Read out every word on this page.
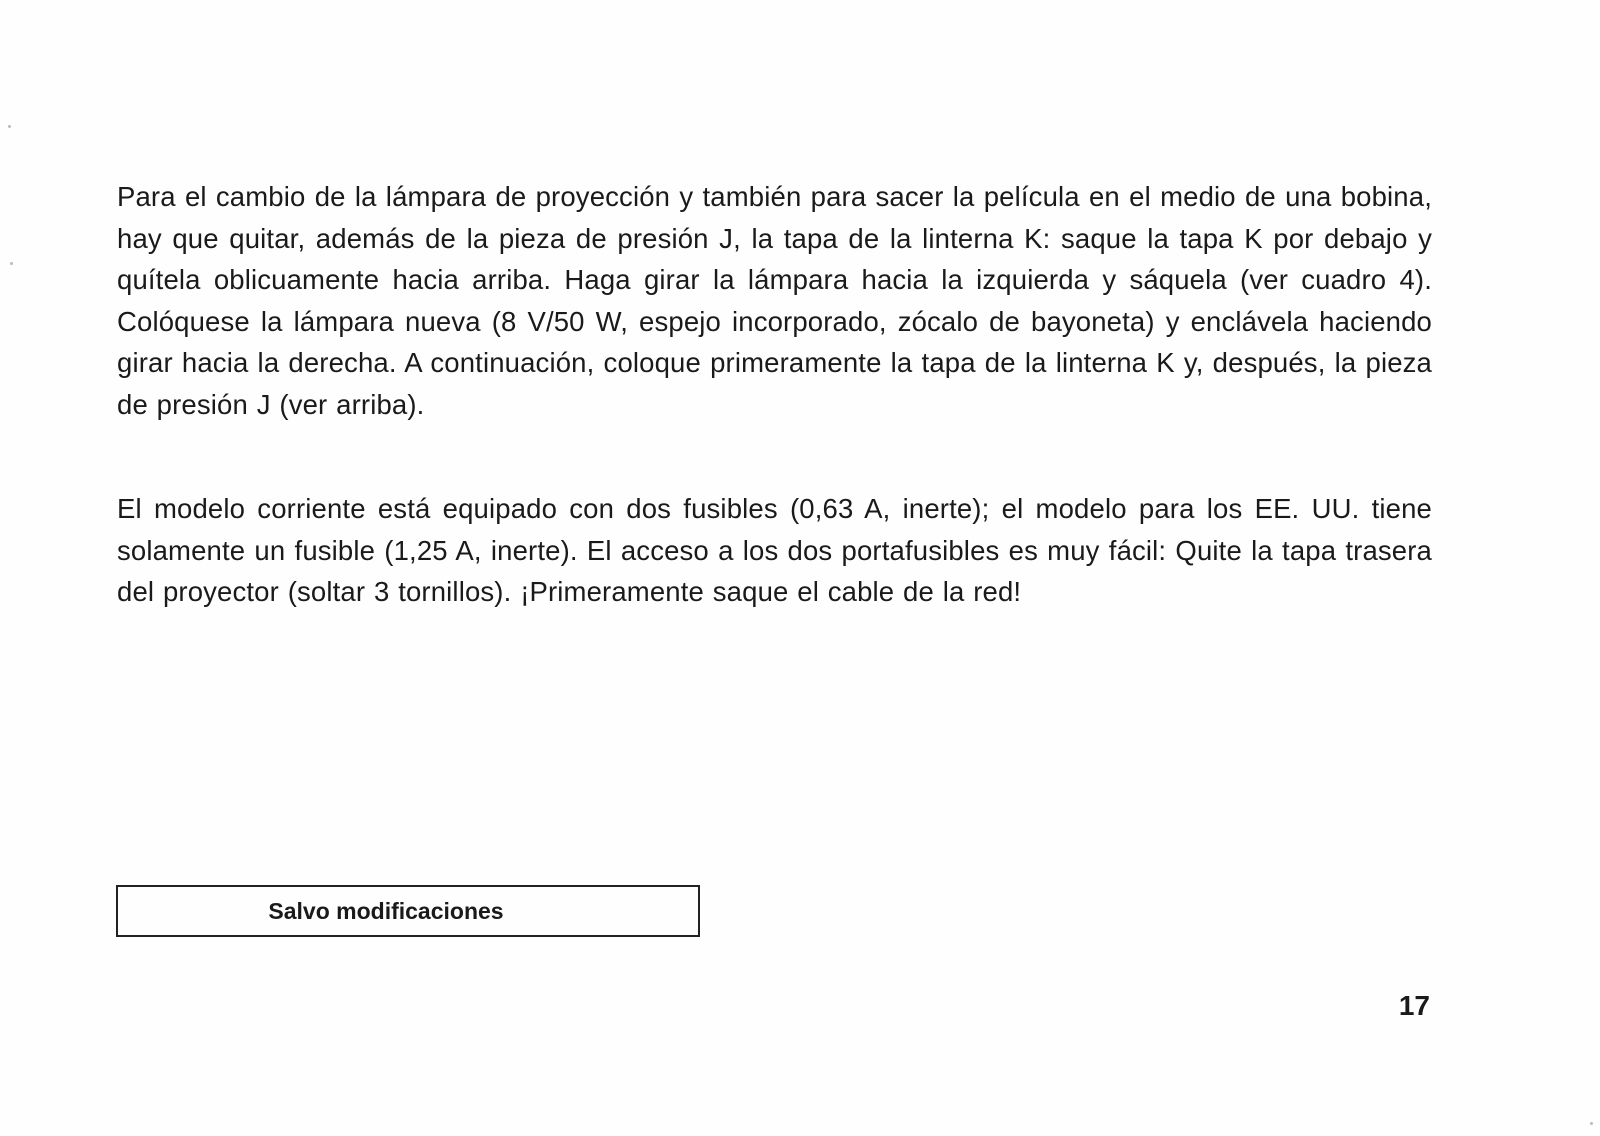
Para el cambio de la lámpara de proyección y también para sacer la película en el medio de una bobina, hay que quitar, además de la pieza de presión J, la tapa de la linterna K: saque la tapa K por debajo y quítela oblicuamente hacia arriba. Haga girar la lámpara hacia la izquierda y sáquela (ver cuadro 4). Colóquese la lámpara nueva (8 V/50 W, espejo incorporado, zócalo de bayoneta) y enclávela haciendo girar hacia la derecha. A continuación, coloque primeramente la tapa de la linterna K y, después, la pieza de presión J (ver arriba).

El modelo corriente está equipado con dos fusibles (0,63 A, inerte); el modelo para los EE. UU. tiene solamente un fusible (1,25 A, inerte). El acceso a los dos portafusibles es muy fácil: Quite la tapa trasera del proyector (soltar 3 tornillos). ¡Primeramente saque el cable de la red!

Salvo modificaciones
17
